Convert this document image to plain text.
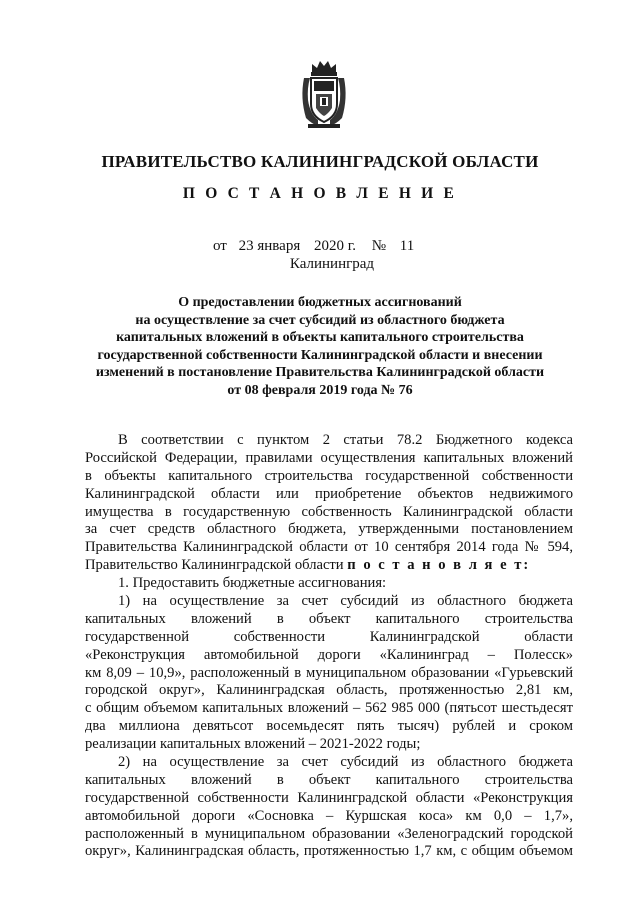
ПРАВИТЕЛЬСТВО КАЛИНИНГРАДСКОЙ ОБЛАСТИ
П О С Т А Н О В Л Е Н И Е
от 23 января 2020 г. № 11
Калининград
О предоставлении бюджетных ассигнований
на осуществление за счет субсидий из областного бюджета
капитальных вложений в объекты капитального строительства
государственной собственности Калининградской области и внесении
изменений в постановление Правительства Калининградской области
от 08 февраля 2019 года № 76
В соответствии с пунктом 2 статьи 78.2 Бюджетного кодекса
Российской Федерации, правилами осуществления капитальных вложений
в объекты капитального строительства государственной собственности
Калининградской области или приобретение объектов недвижимого
имущества в государственную собственность Калининградской области
за счет средств областного бюджета, утвержденными постановлением
Правительства Калининградской области от 10 сентября 2014 года № 594,
Правительство Калининградской области п о с т а н о в л я е т:
1. Предоставить бюджетные ассигнования:
1) на осуществление за счет субсидий из областного бюджета
капитальных вложений в объект капитального строительства
государственной собственности Калининградской области
«Реконструкция автомобильной дороги «Калининград – Полесск»
км 8,09 – 10,9», расположенный в муниципальном образовании «Гурьевский
городской округ», Калининградская область, протяженностью 2,81 км,
с общим объемом капитальных вложений – 562 985 000 (пятьсот шестьдесят
два миллиона девятьсот восемьдесят пять тысяч) рублей и сроком
реализации капитальных вложений – 2021-2022 годы;
2) на осуществление за счет субсидий из областного бюджета
капитальных вложений в объект капитального строительства
государственной собственности Калининградской области «Реконструкция
автомобильной дороги «Сосновка – Куршская коса» км 0,0 – 1,7»,
расположенный в муниципальном образовании «Зеленоградский городской
округ», Калининградская область, протяженностью 1,7 км, с общим объемом
